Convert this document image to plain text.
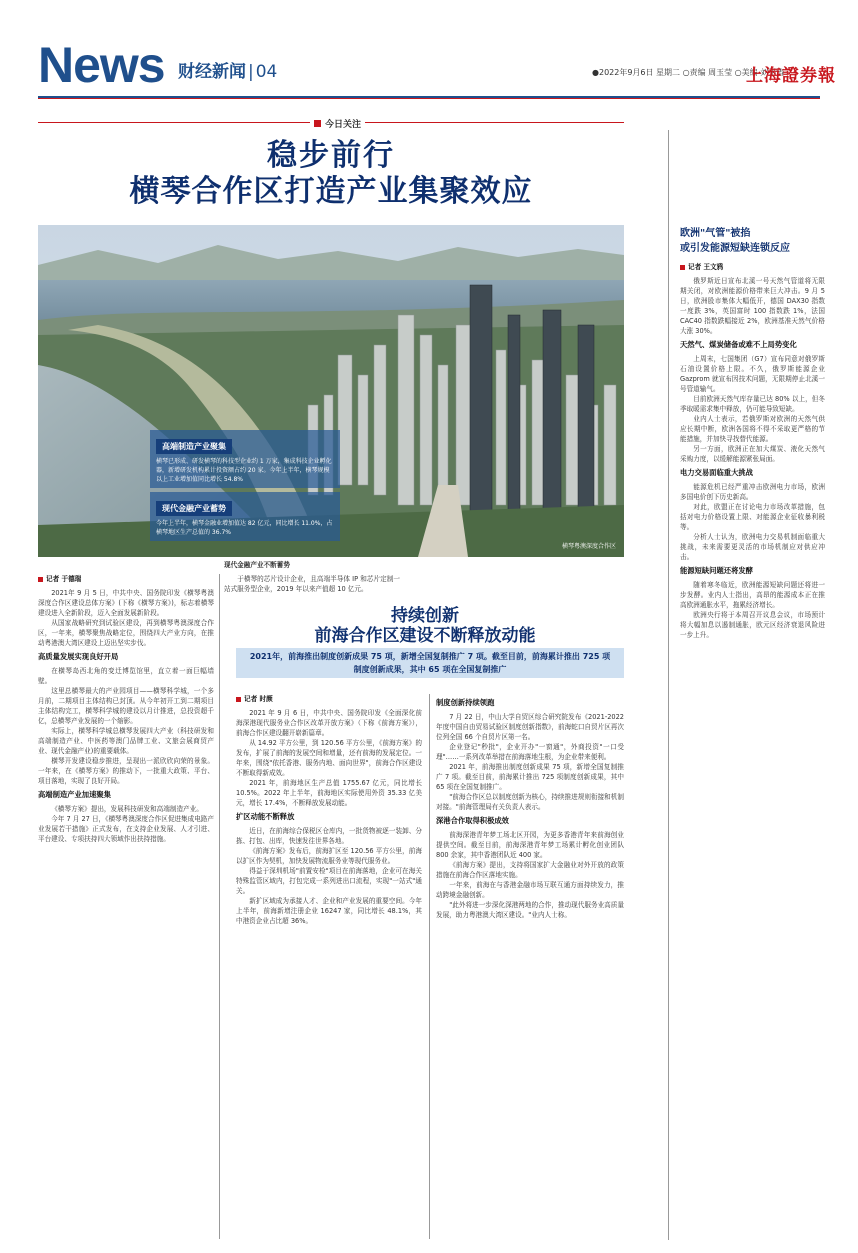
News 财经新闻 | 04	●2022年9月6日 星期二 ○责编 周玉莹 ○美编 刘平涛
上海證券報
今日关注
稳步前行
横琴合作区打造产业集聚效应
横琴粤澳深度合作区
高端制造产业聚集
横琴已形成、研发横琴的科技型企业约 1 万家，集成科技企业孵化器，新增研发机构累计投资额占约 20 家。今年上半年，横琴规模以上工业增加值同比增长 54.8%
现代金融产业蓄势
今年上半年，横琴金融业增加值达 82 亿元，同比增长 11.0%，占横琴地区生产总值的 36.7%
记者 于德瑞

2021年 9 月 5 日，中共中央、国务院印发《横琴粤澳深度合作区建设总体方案》(下称《横琴方案》)，标志着横琴建设进入全新阶段，迈入全面发展新阶段。

从国家战略研究到试验区建设，再到横琴粤澳深度合作区，一年来，横琴聚焦战略定位，围绕四大产业方向，在推动粤港澳大湾区建设上迈出坚实步伐。

高质量发展实现良好开局

在横琴岛西北角的变迁博览馆里，直立着一面巨幅墙壁。

这里总横琴最大的产业园项目——横琴科学城，一个多月前，二期项目主体结构已封顶。从今年初开工到二期项目主体结构完工，横琴科学城的建设以月计推进，总投资超千亿，总横琴产业发展的一个缩影。

实际上，横琴科学城总横琴发展四大产业（科技研发和高端制造产业、中医药等澳门品牌工业、文旅会展商贸产业、现代金融产业)的重要载体。

横琴开发建设稳步推进，呈现出一派欣欣向荣的景象。一年来，在《横琴方案》的推动下，一批重大政策、平台、项目落地，实现了良好开局。

高端制造产业加速聚集

《横琴方案》提出，发展科技研发和高端制造产业。

今年 7 月 27 日，《横琴粤澳深度合作区促进集成电路产业发展若干措施》正式发布，在支持企业发展、人才引进、平台建设、专项扶持四大领域作出扶持措施。

于横琴的芯片设计企业，且高端半导体 IP 和芯片定制一站式服务型企业，2019 年以来产值超 10 亿元。

持续创新
前海合作区建设不断释放动能
2021年，前海推出制度创新成果 75 项，新增全国复制推广 7 项。截至目前，前海累计推出 725 项制度创新成果，其中 65 项在全国复制推广
记者 时颜

2021 年 9 月 6 日，中共中央、国务院印发《全面深化前海深港现代服务业合作区改革开放方案》（下称《前海方案》），前海合作区建设翻开崭新篇章。

从 14.92 平方公里，到 120.56 平方公里，《前海方案》的发布，扩展了前海的发展空间和增量，还有前海的发展定位。一年来，围绕"依托香港、服务内地、面向世界"，前海合作区建设不断取得新成效。

2021 年，前海地区生产总值 1755.67 亿元，同比增长 10.5%。2022 年上半年，前海地区实际使用外资 35.33 亿美元，增长 17.4%，不断释放发展动能。

扩区动能不断释放

近日，在前海综合保税区仓库内，一批货物被逐一装卸、分拣、打包、出库，快速发往世界各地。

《前海方案》发布后，前海扩区至 120.56 平方公里，前海以扩区作为契机，加快发展物流服务业等现代服务业。

得益于深圳机场"前置安检"项目在前海落地，企业可在海关特殊监管区域内，打包完成一系列进出口流程，实现"一站式"通关。

新扩区域成为承接人才、企业和产业发展的重要空间。今年上半年，前海新增注册企业 16247 家，同比增长 48.1%，其中港资企业占比超 36%。

制度创新持续领跑

7 月 22 日，中山大学自贸区综合研究院发布《2021-2022 年度中国自由贸易试验区制度创新指数》，前海蛇口自贸片区再次位列全国 66 个自贸片区第一名。

企业登记"秒批"，企业开办"一窗通"，外商投资"一口受理"……一系列改革举措在前海落地生根，为企业带来便利。

2021 年，前海推出制度创新成果 75 项，新增全国复制推广 7 项。截至目前，前海累计推出 725 项制度创新成果，其中 65 项在全国复制推广。

"前海合作区总以制度创新为核心，持续推进规则衔接和机制对接。"前海管理局有关负责人表示。

深港合作取得积极成效

前海深港青年梦工场北区开园，为更多香港青年来前海创业提供空间。截至目前，前海深港青年梦工场累计孵化创业团队 800 余家，其中香港团队近 400 家。

《前海方案》提出，支持将国家扩大金融业对外开放的政策措施在前海合作区落地实施。

一年来，前海在与香港金融市场互联互通方面持续发力，推动跨境金融创新。

"此外将进一步深化深港两地的合作，推动现代服务业高质量发展，助力粤港澳大湾区建设。"业内人士称。

欧洲"气管"被掐
或引发能源短缺连锁反应
记者 王文鸦

俄罗斯近日宣布北溪一号天然气管道将无限期关闭，对欧洲能源价格带来巨大冲击。9 月 5 日，欧洲股市集体大幅低开，德国 DAX30 指数一度跌 3%，英国富时 100 指数跌 1%，法国 CAC40 指数跌幅接近 2%，欧洲基准天然气价格大涨 30%。

天然气、煤炭储备或难不上局势变化

上周末，七国集团（G7）宣布同意对俄罗斯石油设置价格上限。不久，俄罗斯能源企业 Gazprom 就宣布因技术问题，无限期停止北溪一号管道输气。

目前欧洲天然气库存量已达 80% 以上，但冬季取暖需求集中释放，仍可能导致短缺。

业内人士表示，若俄罗斯对欧洲的天然气供应长期中断，欧洲各国将不得不采取更严格的节能措施，并加快寻找替代能源。

另一方面，欧洲正在加大煤炭、液化天然气采购力度，以缓解能源紧张局面。

电力交易面临重大挑战

能源危机已经严重冲击欧洲电力市场，欧洲多国电价创下历史新高。

对此，欧盟正在讨论电力市场改革措施，包括对电力价格设置上限、对能源企业征收暴利税等。

分析人士认为，欧洲电力交易机制面临重大挑战，未来需要更灵活的市场机制应对供应冲击。

能源短缺问题还将发酵

随着寒冬临近，欧洲能源短缺问题还将进一步发酵。业内人士指出，高昂的能源成本正在推高欧洲通胀水平，拖累经济增长。

欧洲央行将于本周召开议息会议，市场预计将大幅加息以遏制通胀，欧元区经济衰退风险进一步上升。

现代金融产业不断蓄势
